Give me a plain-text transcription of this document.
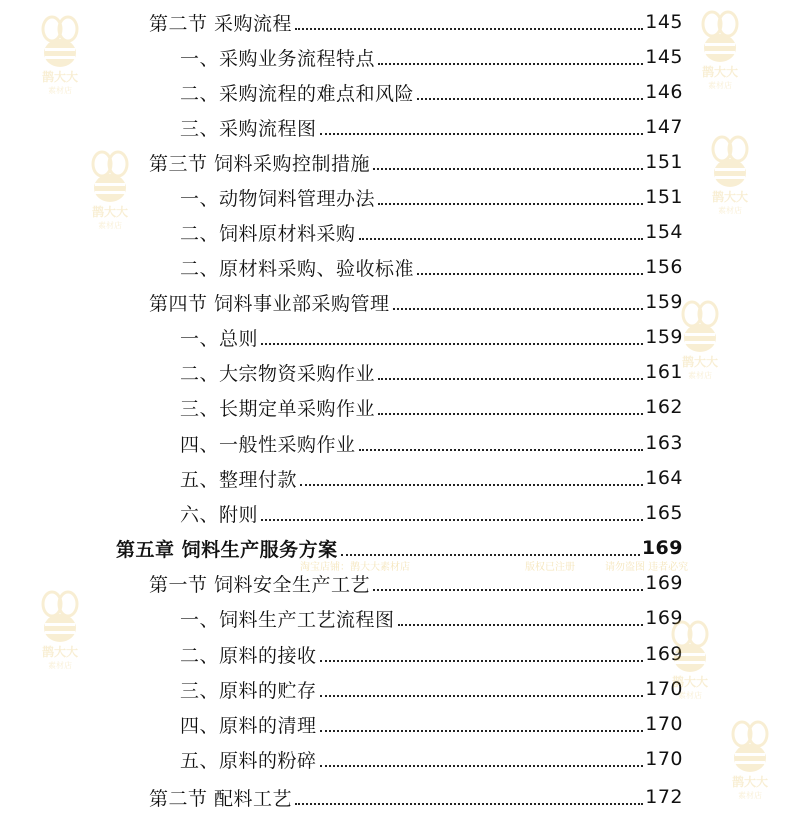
第二节 采购流程	145
一、采购业务流程特点	145
二、采购流程的难点和风险	146
三、采购流程图	147
第三节 饲料采购控制措施	151
一、动物饲料管理办法	151
二、饲料原材料采购	154
二、原材料采购、验收标准	156
第四节 饲料事业部采购管理	159
一、总则	159
二、大宗物资采购作业	161
三、长期定单采购作业	162
四、一般性采购作业	163
五、整理付款	164
六、附则	165
第五章 饲料生产服务方案	169
第一节 饲料安全生产工艺	169
一、饲料生产工艺流程图	169
二、原料的接收	169
三、原料的贮存	170
四、原料的清理	170
五、原料的粉碎	170
第二节 配料工艺	172
鹊大大
素材店
鹊大大
素材店
鹊大大
素材店
鹊大大
素材店
鹊大大
素材店
鹊大大
素材店
鹊大大
素材店
鹊大大
素材店
淘宝店铺：鹊大大素材店	版权已注册	请勿盗图 违者必究
